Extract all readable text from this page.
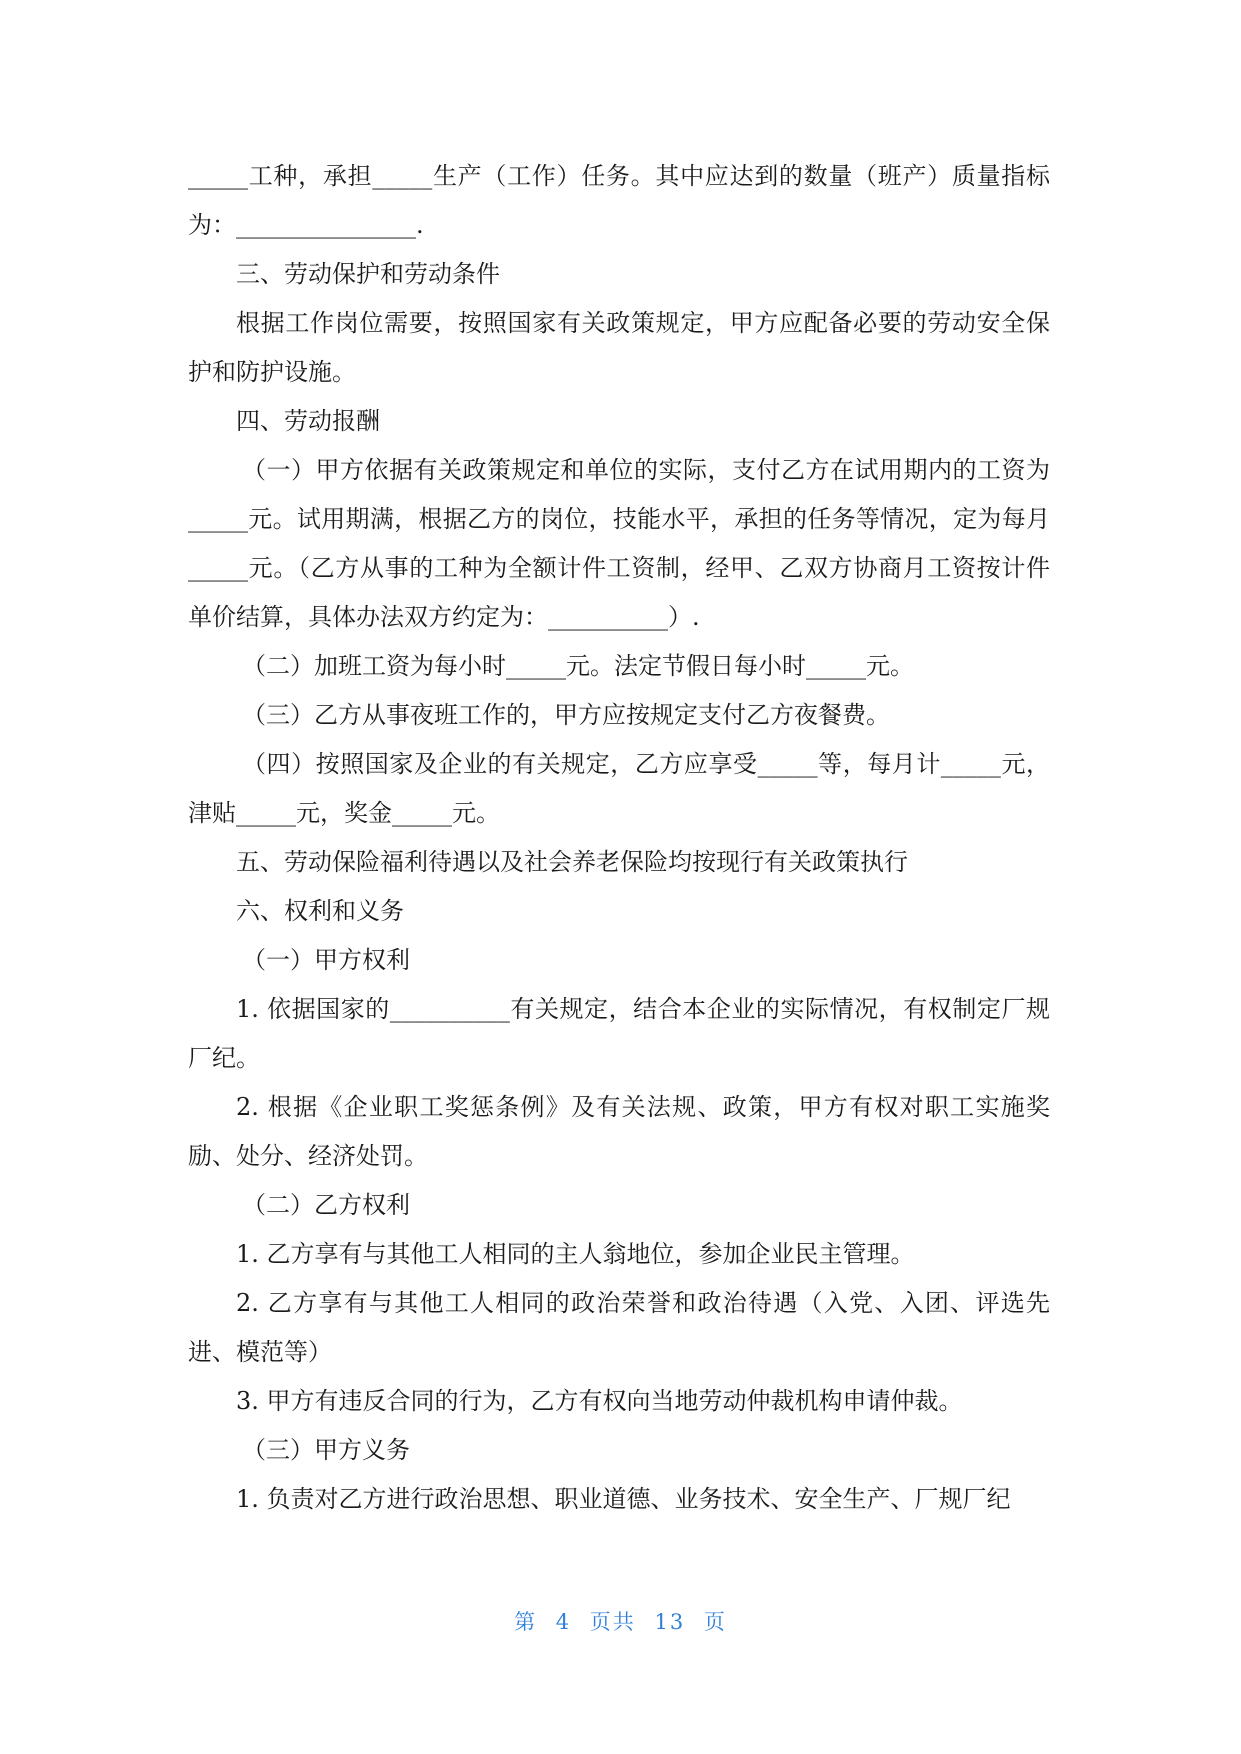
_____工种，承担_____生产（工作）任务。其中应达到的数量（班产）质量指标为：_______________.

三、劳动保护和劳动条件

根据工作岗位需要，按照国家有关政策规定，甲方应配备必要的劳动安全保护和防护设施。

四、劳动报酬

（一）甲方依据有关政策规定和单位的实际，支付乙方在试用期内的工资为_____元。试用期满，根据乙方的岗位，技能水平，承担的任务等情况，定为每月_____元。（乙方从事的工种为全额计件工资制，经甲、乙双方协商月工资按计件单价结算，具体办法双方约定为：__________）.

（二）加班工资为每小时_____元。法定节假日每小时_____元。

（三）乙方从事夜班工作的，甲方应按规定支付乙方夜餐费。

（四）按照国家及企业的有关规定，乙方应享受_____等，每月计_____元，津贴_____元，奖金_____元。

五、劳动保险福利待遇以及社会养老保险均按现行有关政策执行

六、权利和义务

（一）甲方权利

1. 依据国家的__________有关规定，结合本企业的实际情况，有权制定厂规厂纪。

2. 根据《企业职工奖惩条例》及有关法规、政策，甲方有权对职工实施奖励、处分、经济处罚。

（二）乙方权利

1. 乙方享有与其他工人相同的主人翁地位，参加企业民主管理。

2. 乙方享有与其他工人相同的政治荣誉和政治待遇（入党、入团、评选先进、模范等）

3. 甲方有违反合同的行为，乙方有权向当地劳动仲裁机构申请仲裁。

（三）甲方义务

1. 负责对乙方进行政治思想、职业道德、业务技术、安全生产、厂规厂纪

第 4 页共 13 页
